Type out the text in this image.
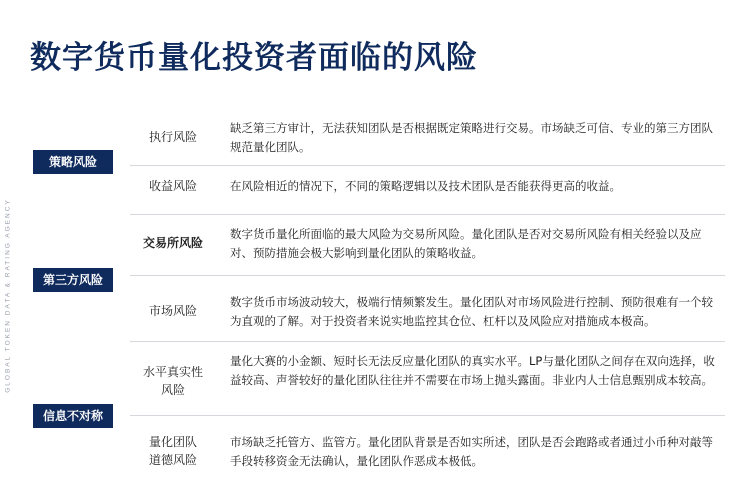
数字货币量化投资者面临的风险
GLOBAL TOKEN DATA & RATING AGENCY
策略风险
第三方风险
信息不对称
执行风险
缺乏第三方审计，无法获知团队是否根据既定策略进行交易。市场缺乏可信、专业的第三方团队规范量化团队。
收益风险	在风险相近的情况下，不同的策略逻辑以及技术团队是否能获得更高的收益。
交易所风险
数字货币量化所面临的最大风险为交易所风险。量化团队是否对交易所风险有相关经验以及应对、预防措施会极大影响到量化团队的策略收益。
市场风险
数字货币市场波动较大，极端行情频繁发生。量化团队对市场风险进行控制、预防很难有一个较为直观的了解。对于投资者来说实地监控其仓位、杠杆以及风险应对措施成本极高。
水平真实性
风险
量化大赛的小金额、短时长无法反应量化团队的真实水平。LP与量化团队之间存在双向选择，收益较高、声誉较好的量化团队往往并不需要在市场上抛头露面。非业内人士信息甄别成本较高。
量化团队
道德风险
市场缺乏托管方、监管方。量化团队背景是否如实所述，团队是否会跑路或者通过小币种对敲等手段转移资金无法确认，量化团队作恶成本极低。
